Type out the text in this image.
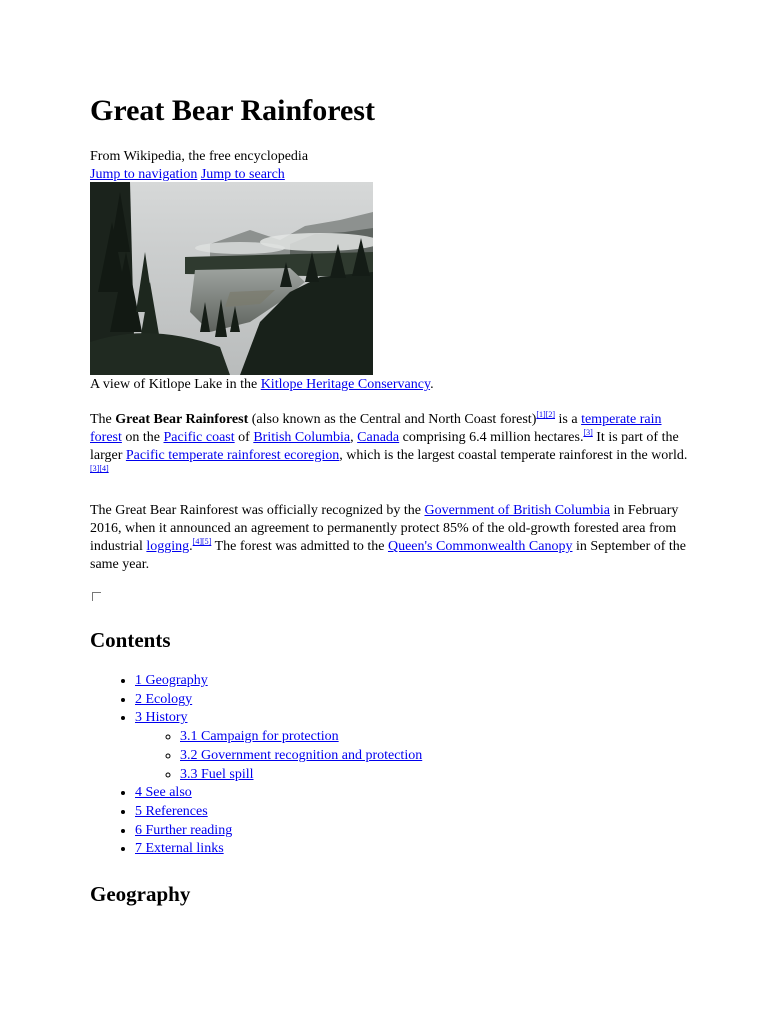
Great Bear Rainforest
From Wikipedia, the free encyclopedia
Jump to navigation Jump to search
A view of Kitlope Lake in the Kitlope Heritage Conservancy.

The Great Bear Rainforest (also known as the Central and North Coast forest)[1][2] is a temperate rain forest on the Pacific coast of British Columbia, Canada comprising 6.4 million hectares.[3] It is part of the larger Pacific temperate rainforest ecoregion, which is the largest coastal temperate rainforest in the world.[3][4]

The Great Bear Rainforest was officially recognized by the Government of British Columbia in February 2016, when it announced an agreement to permanently protect 85% of the old-growth forested area from industrial logging.[4][5] The forest was admitted to the Queen's Commonwealth Canopy in September of the same year.

Contents
• 1 Geography
• 2 Ecology
• 3 History
◦ 3.1 Campaign for protection
◦ 3.2 Government recognition and protection
◦ 3.3 Fuel spill
• 4 See also
• 5 References
• 6 Further reading
• 7 External links
Geography
